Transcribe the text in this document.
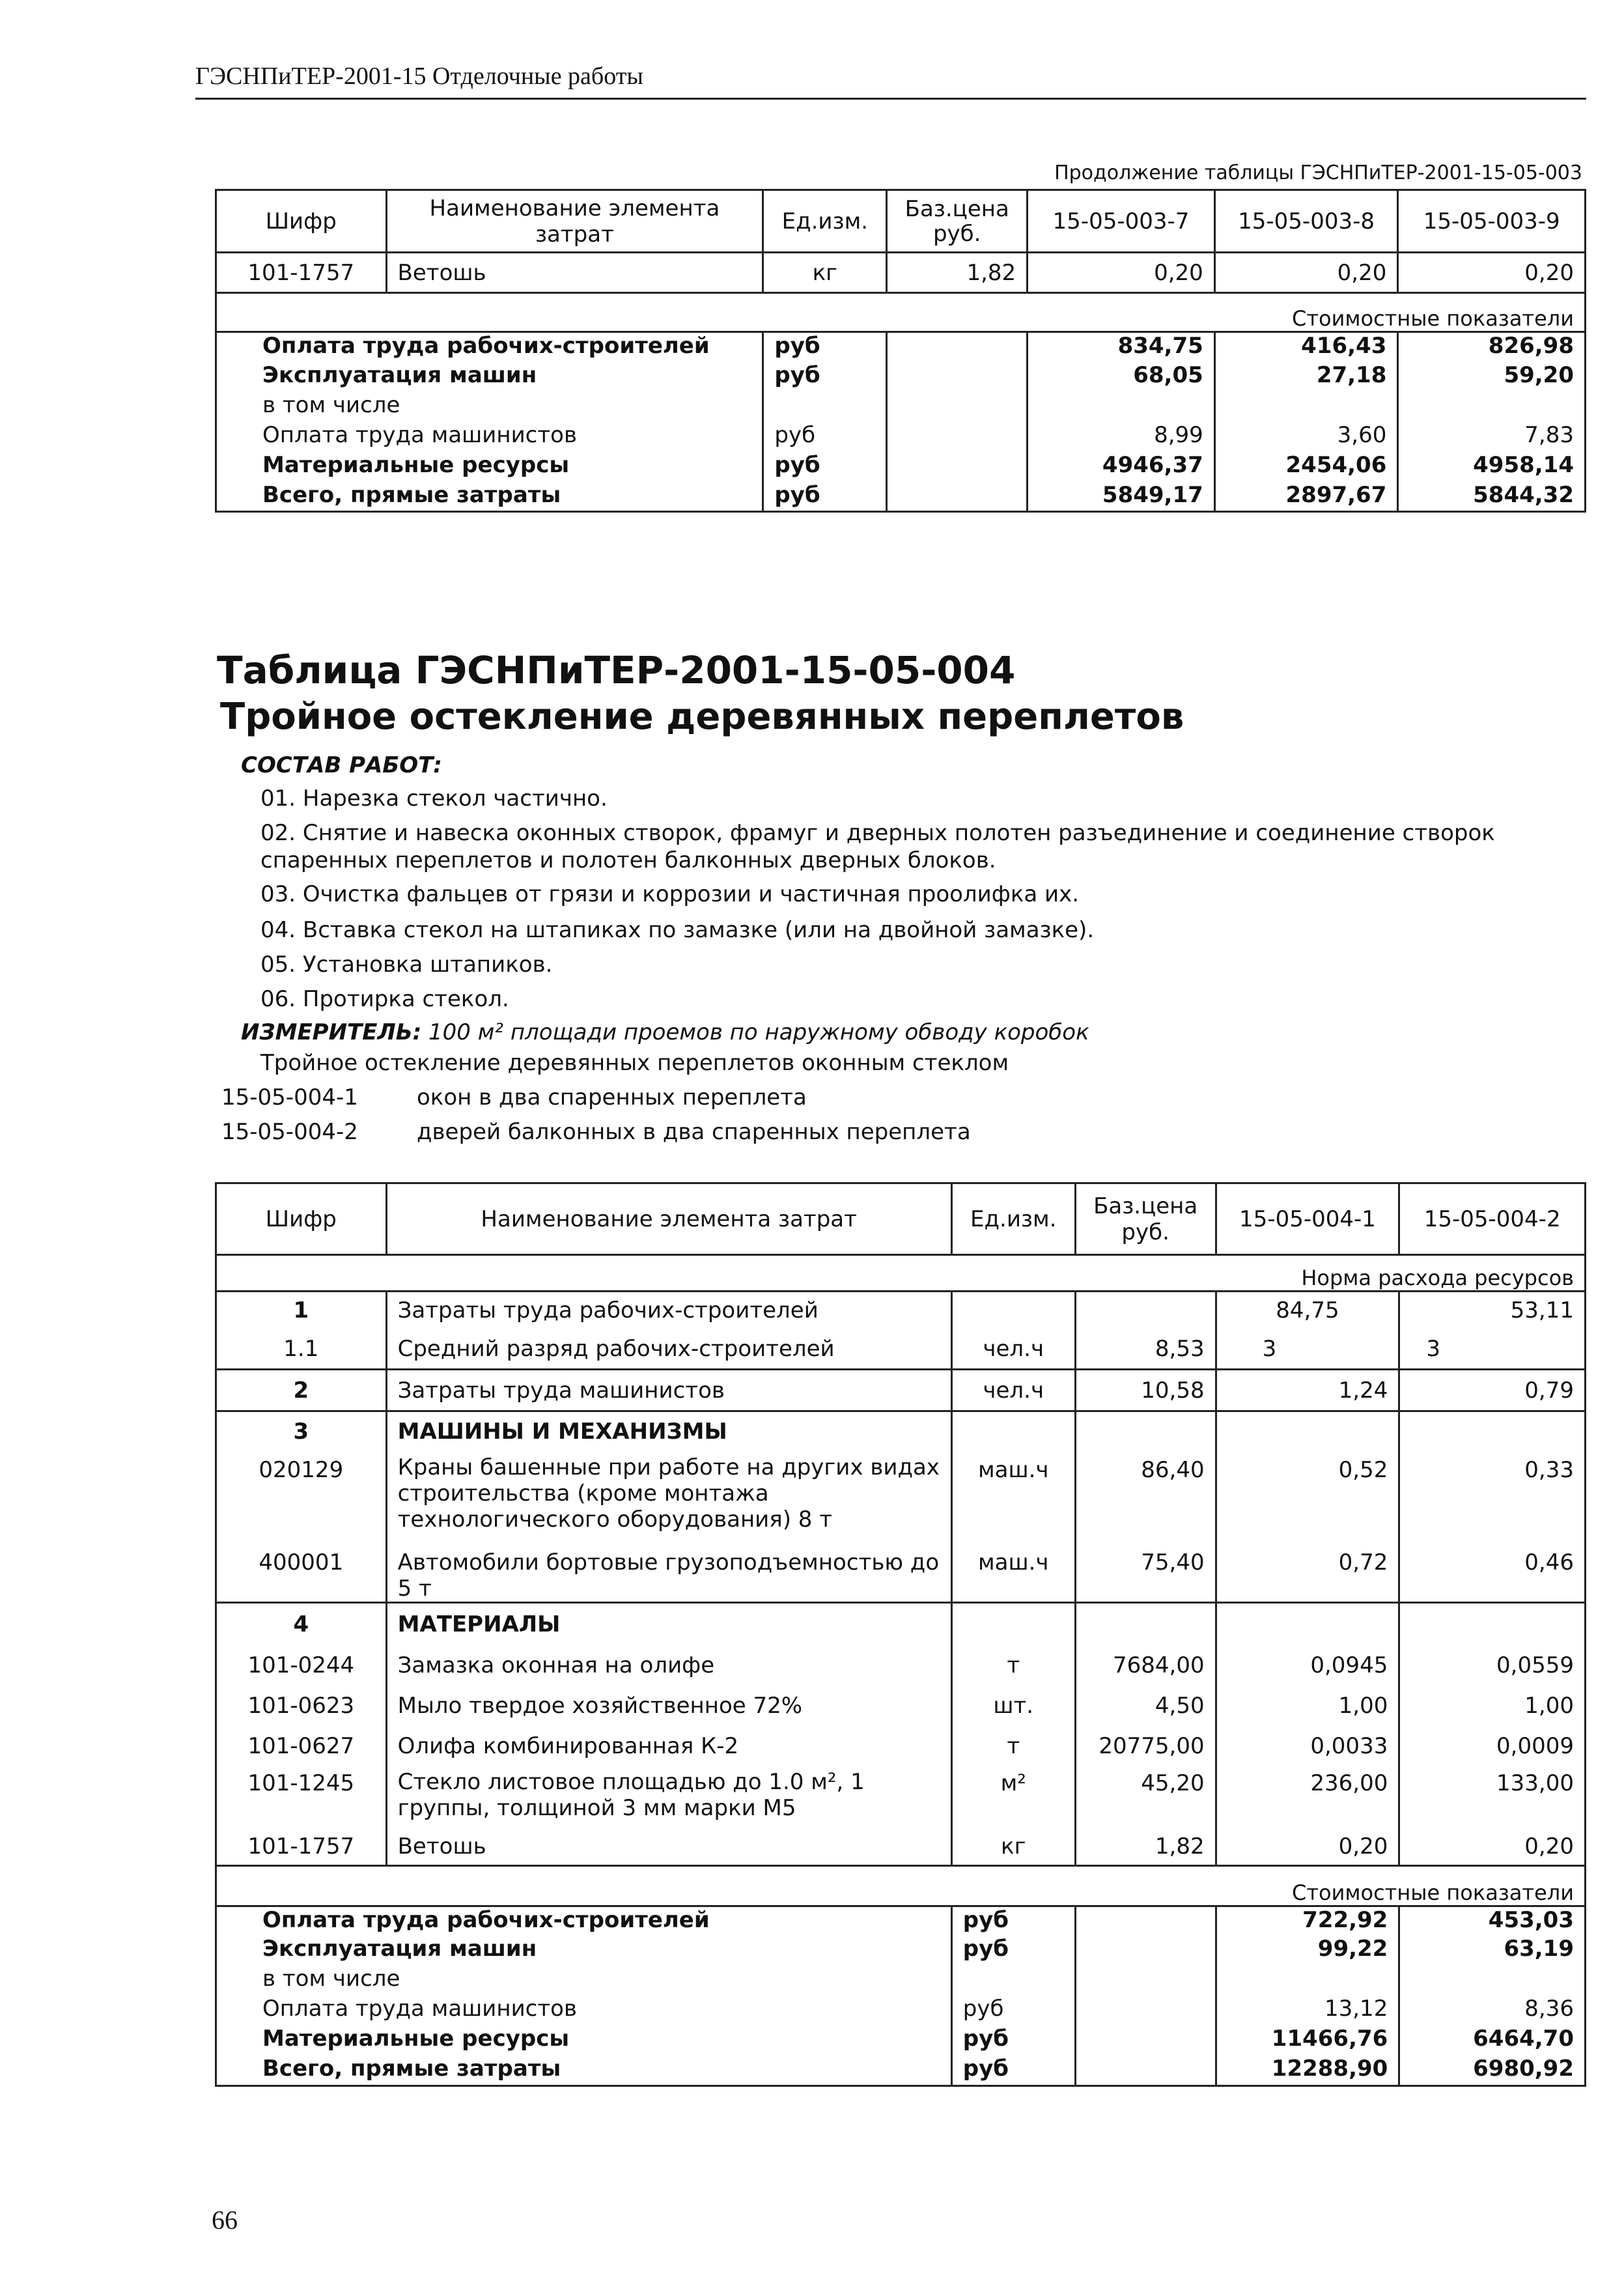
ГЭСНПиТЕР-2001-15 Отделочные работы
Продолжение таблицы ГЭСНПиТЕР-2001-15-05-003
Шифр	Наименование элемента затрат	Ед.изм.	Баз.цена руб.	15-05-003-7	15-05-003-8	15-05-003-9
101-1757	Ветошь	кг	1,82	0,20	0,20	0,20
Стоимостные показатели						
Оплата труда рабочих-строителей		руб		834,75	416,43	826,98
Эксплуатация машин		руб		68,05	27,18	59,20
в том числе						
Оплата труда машинистов		руб		8,99	3,60	7,83
Материальные ресурсы		руб		4946,37	2454,06	4958,14
Всего, прямые затраты		руб		5849,17	2897,67	5844,32
Таблица ГЭСНПиТЕР-2001-15-05-004
Тройное остекление деревянных переплетов
СОСТАВ РАБОТ:
01. Нарезка стекол частично.
02. Снятие и навеска оконных створок, фрамуг и дверных полотен разъединение и соединение створок спаренных переплетов и полотен балконных дверных блоков.
03. Очистка фальцев от грязи и коррозии и частичная проолифка их.
04. Вставка стекол на штапиках по замазке (или на двойной замазке).
05. Установка штапиков.
06. Протирка стекол.
ИЗМЕРИТЕЛЬ: 100 м² площади проемов по наружному обводу коробок
Тройное остекление деревянных переплетов оконным стеклом
15-05-004-1	окон в два спаренных переплета
15-05-004-2	дверей балконных в два спаренных переплета
Шифр	Наименование элемента затрат	Ед.изм.	Баз.цена руб.	15-05-004-1	15-05-004-2
Норма расхода ресурсов					
1	Затраты труда рабочих-строителей			84,75	53,11
1.1	Средний разряд рабочих-строителей	чел.ч	8,53	3	3
2	Затраты труда машинистов	чел.ч	10,58	1,24	0,79
3	МАШИНЫ И МЕХАНИЗМЫ				
020129	Краны башенные при работе на других видах строительства (кроме монтажа технологического оборудования) 8 т	маш.ч	86,40	0,52	0,33
400001	Автомобили бортовые грузоподъемностью до 5 т	маш.ч	75,40	0,72	0,46
4	МАТЕРИАЛЫ				
101-0244	Замазка оконная на олифе	т	7684,00	0,0945	0,0559
101-0623	Мыло твердое хозяйственное 72%	шт.	4,50	1,00	1,00
101-0627	Олифа комбинированная К-2	т	20775,00	0,0033	0,0009
101-1245	Стекло листовое площадью до 1.0 м², 1 группы, толщиной 3 мм марки М5	м²	45,20	236,00	133,00
101-1757	Ветошь	кг	1,82	0,20	0,20
Стоимостные показатели					
Оплата труда рабочих-строителей		руб		722,92	453,03
Эксплуатация машин		руб		99,22	63,19
в том числе					
Оплата труда машинистов		руб		13,12	8,36
Материальные ресурсы		руб		11466,76	6464,70
Всего, прямые затраты		руб		12288,90	6980,92
66
